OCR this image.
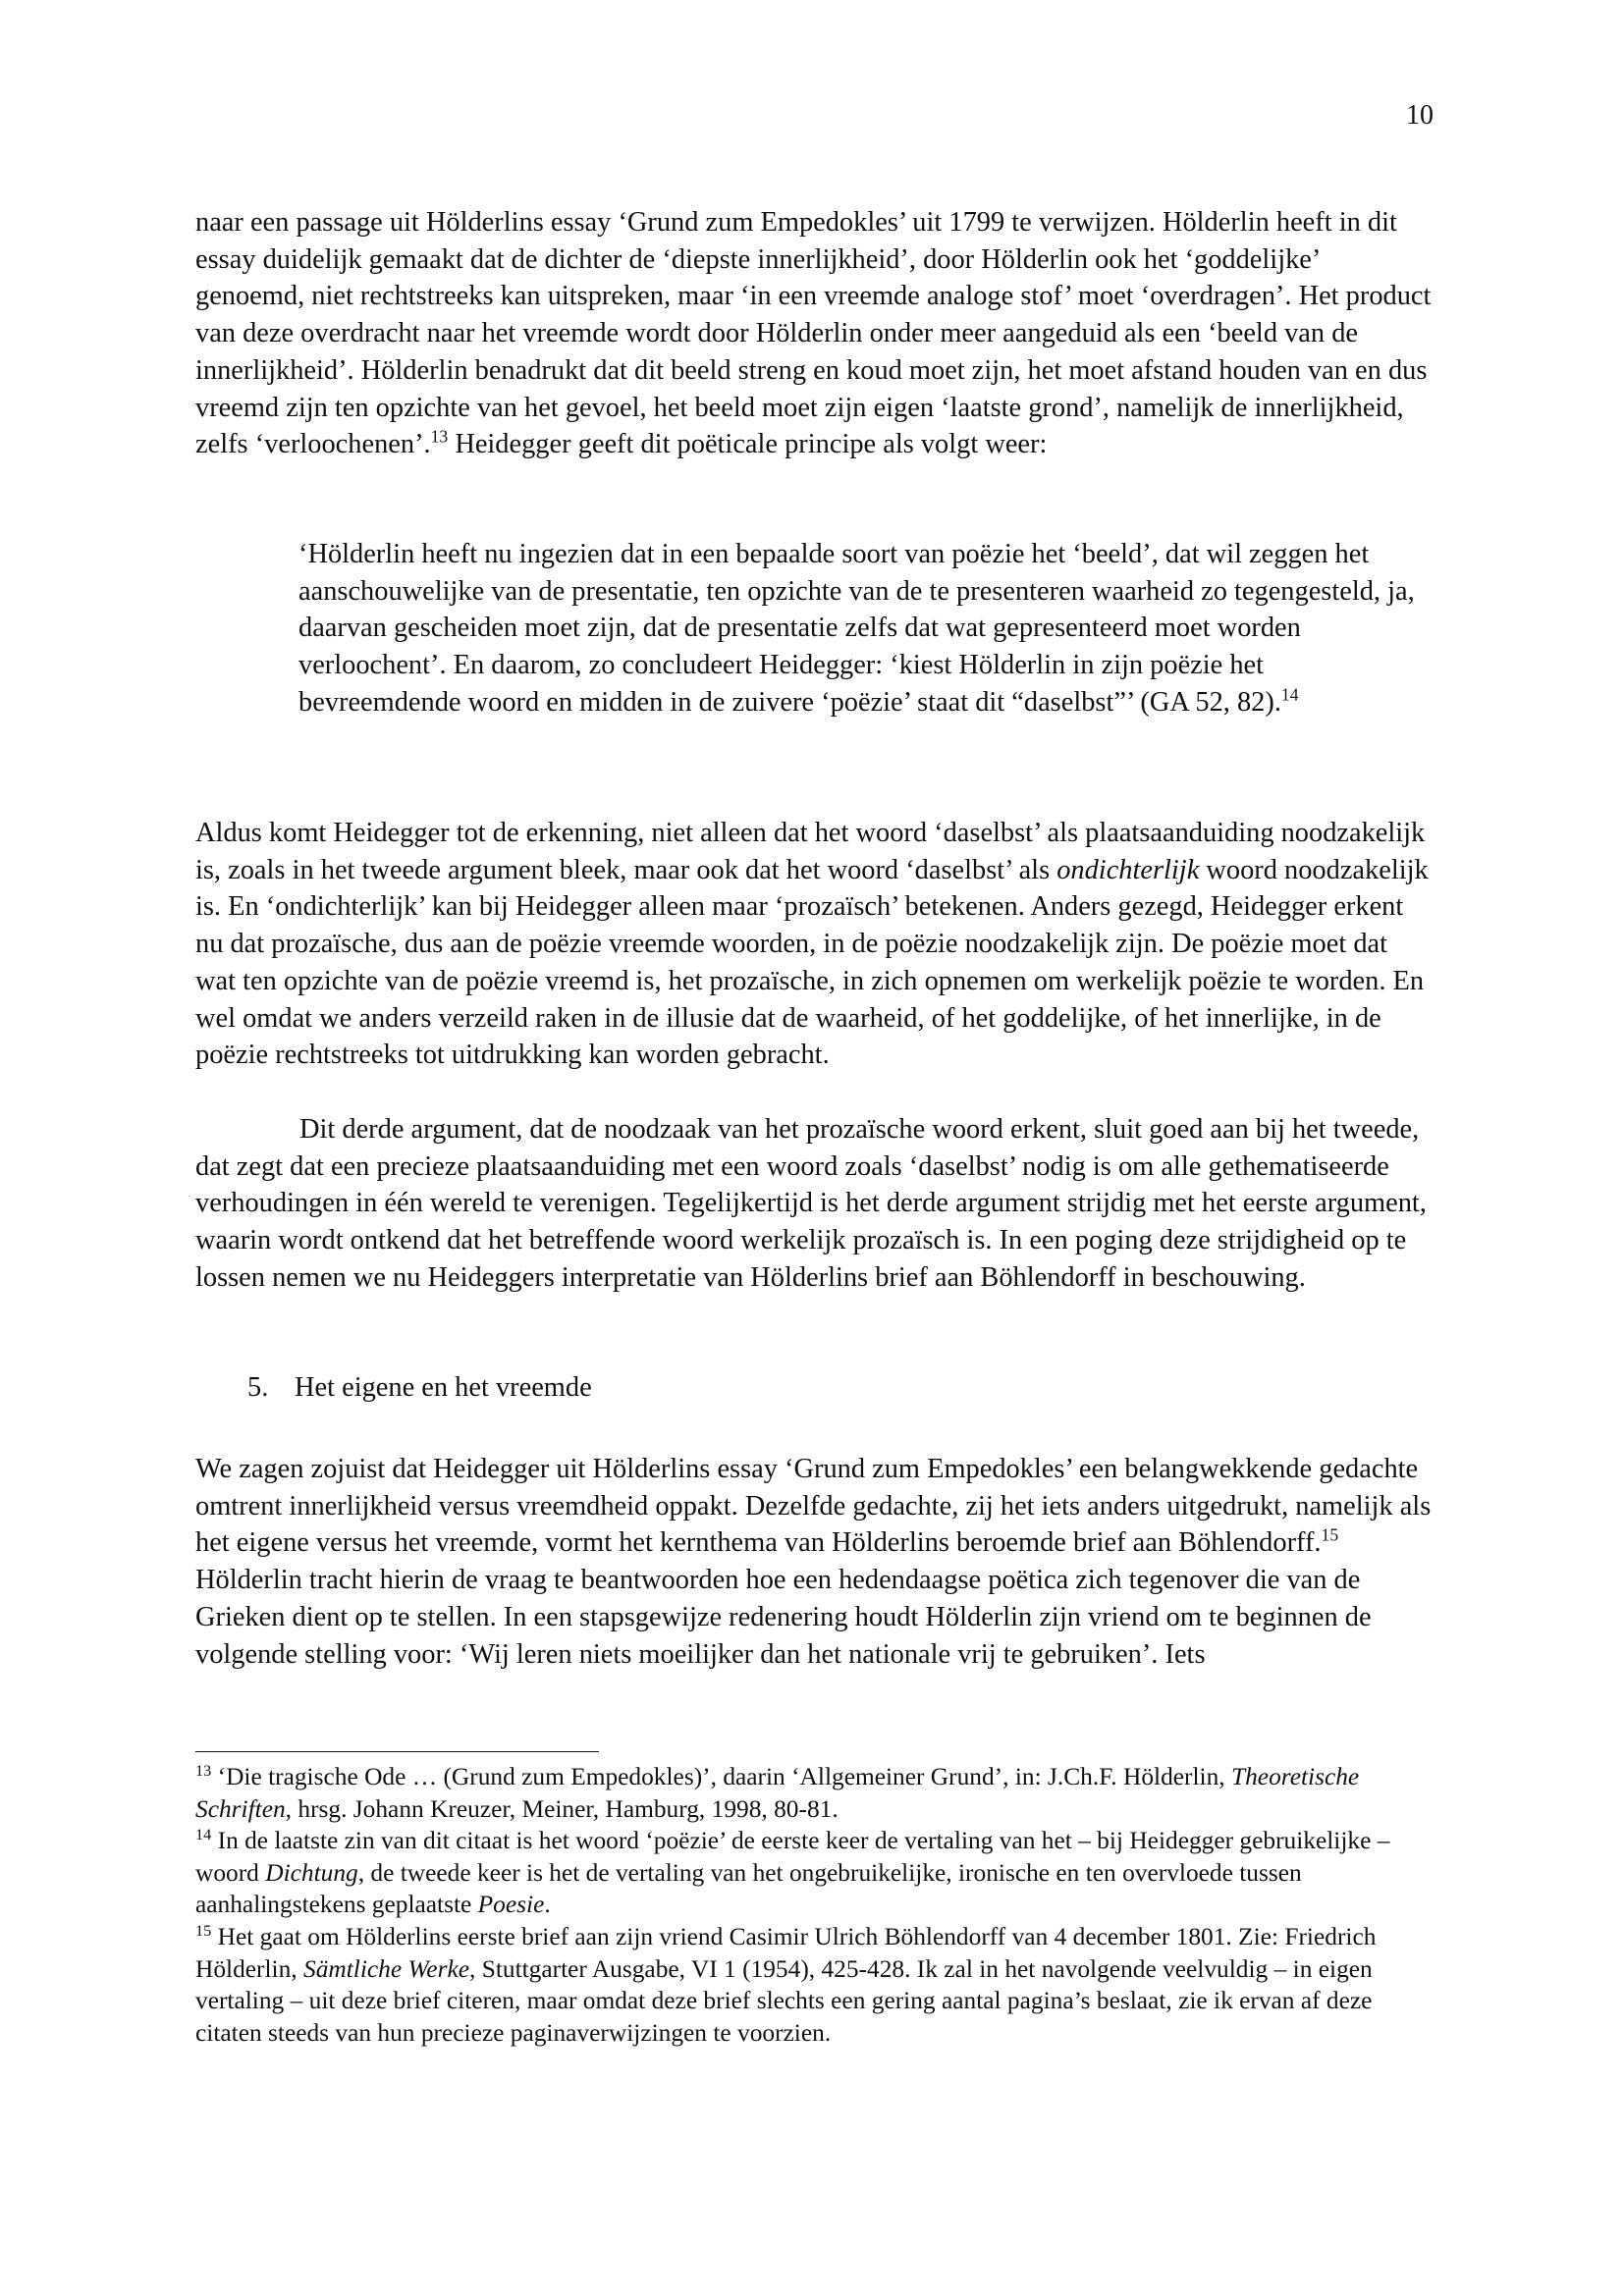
10

naar een passage uit Hölderlins essay ‘Grund zum Empedokles’ uit 1799 te verwijzen. Hölderlin heeft in dit essay duidelijk gemaakt dat de dichter de ‘diepste innerlijkheid’, door Hölderlin ook het ‘goddelijke’ genoemd, niet rechtstreeks kan uitspreken, maar ‘in een vreemde analoge stof’ moet ‘overdragen’. Het product van deze overdracht naar het vreemde wordt door Hölderlin onder meer aangeduid als een ‘beeld van de innerlijkheid’. Hölderlin benadrukt dat dit beeld streng en koud moet zijn, het moet afstand houden van en dus vreemd zijn ten opzichte van het gevoel, het beeld moet zijn eigen ‘laatste grond’, namelijk de innerlijkheid, zelfs ‘verloochenen’.$^{13}$ Heidegger geeft dit poëticale principe als volgt weer:

‘Hölderlin heeft nu ingezien dat in een bepaalde soort van poëzie het ‘beeld’, dat wil zeggen het aanschouwelijke van de presentatie, ten opzichte van de te presenteren waarheid zo tegengesteld, ja, daarvan gescheiden moet zijn, dat de presentatie zelfs dat wat gepresenteerd moet worden verloochent’. En daarom, zo concludeert Heidegger: ‘kiest Hölderlin in zijn poëzie het bevreemdende woord en midden in de zuivere ‘poëzie’ staat dit “daselbst”’ (GA 52, 82).$^{14}$

Aldus komt Heidegger tot de erkenning, niet alleen dat het woord ‘daselbst’ als plaatsaanduiding noodzakelijk is, zoals in het tweede argument bleek, maar ook dat het woord ‘daselbst’ als ondichterlijk woord noodzakelijk is. En ‘ondichterlijk’ kan bij Heidegger alleen maar ‘prozaïsch’ betekenen. Anders gezegd, Heidegger erkent nu dat prozaïsche, dus aan de poëzie vreemde woorden, in de poëzie noodzakelijk zijn. De poëzie moet dat wat ten opzichte van de poëzie vreemd is, het prozaïsche, in zich opnemen om werkelijk poëzie te worden. En wel omdat we anders verzeild raken in de illusie dat de waarheid, of het goddelijke, of het innerlijke, in de poëzie rechtstreeks tot uitdrukking kan worden gebracht.

Dit derde argument, dat de noodzaak van het prozaïsche woord erkent, sluit goed aan bij het tweede, dat zegt dat een precieze plaatsaanduiding met een woord zoals ‘daselbst’ nodig is om alle gethematiseerde verhoudingen in één wereld te verenigen. Tegelijkertijd is het derde argument strijdig met het eerste argument, waarin wordt ontkend dat het betreffende woord werkelijk prozaïsch is. In een poging deze strijdigheid op te lossen nemen we nu Heideggers interpretatie van Hölderlins brief aan Böhlendorff in beschouwing.

5. Het eigene en het vreemde

We zagen zojuist dat Heidegger uit Hölderlins essay ‘Grund zum Empedokles’ een belangwekkende gedachte omtrent innerlijkheid versus vreemdheid oppakt. Dezelfde gedachte, zij het iets anders uitgedrukt, namelijk als het eigene versus het vreemde, vormt het kernthema van Hölderlins beroemde brief aan Böhlendorff.$^{15}$ Hölderlin tracht hierin de vraag te beantwoorden hoe een hedendaagse poëtica zich tegenover die van de Grieken dient op te stellen. In een stapsgewijze redenering houdt Hölderlin zijn vriend om te beginnen de volgende stelling voor: ‘Wij leren niets moeilijker dan het nationale vrij te gebruiken’. Iets

$^{13}$ ‘Die tragische Ode … (Grund zum Empedokles)’, daarin ‘Allgemeiner Grund’, in: J.Ch.F. Hölderlin, Theoretische Schriften, hrsg. Johann Kreuzer, Meiner, Hamburg, 1998, 80-81.

$^{14}$ In de laatste zin van dit citaat is het woord ‘poëzie’ de eerste keer de vertaling van het – bij Heidegger gebruikelijke – woord Dichtung, de tweede keer is het de vertaling van het ongebruikelijke, ironische en ten overvloede tussen aanhalingstekens geplaatste Poesie.

$^{15}$ Het gaat om Hölderlins eerste brief aan zijn vriend Casimir Ulrich Böhlendorff van 4 december 1801. Zie: Friedrich Hölderlin, Sämtliche Werke, Stuttgarter Ausgabe, VI 1 (1954), 425-428. Ik zal in het navolgende veelvuldig – in eigen vertaling – uit deze brief citeren, maar omdat deze brief slechts een gering aantal pagina’s beslaat, zie ik ervan af deze citaten steeds van hun precieze paginaverwijzingen te voorzien.
